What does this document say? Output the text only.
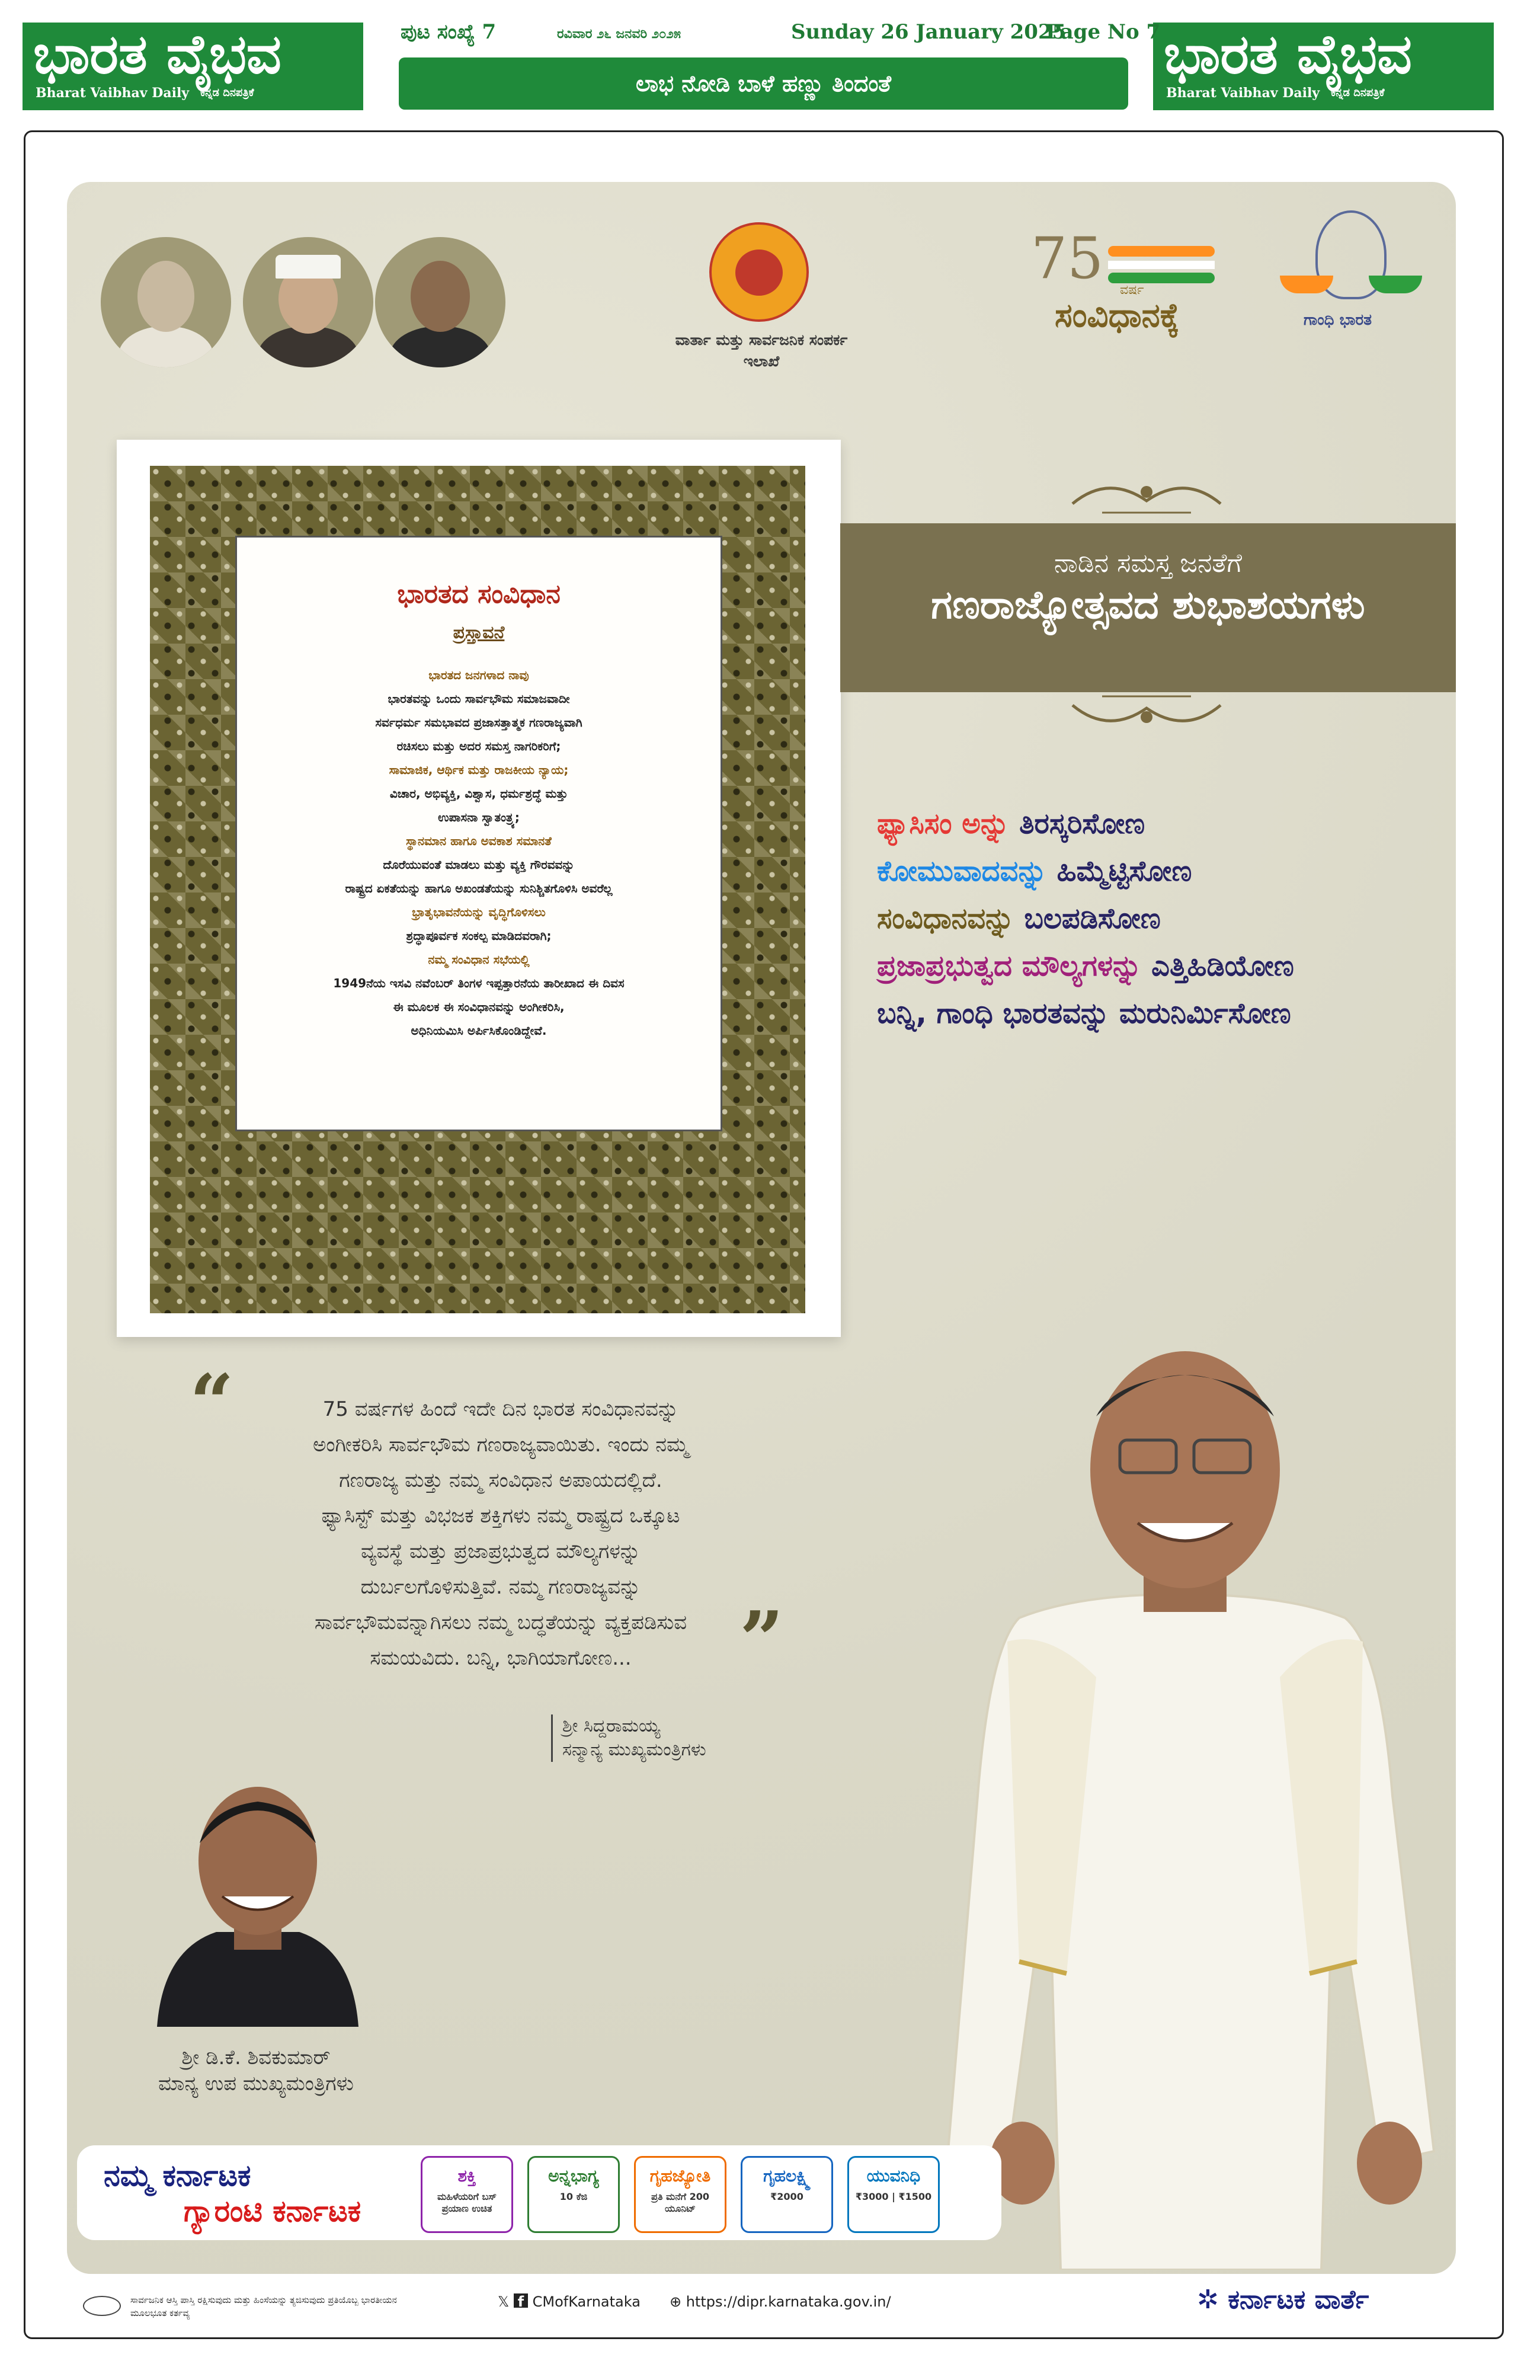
ಭಾರತ ವೈಭವ
Bharat Vaibhav Daily ಕನ್ನಡ ದಿನಪತ್ರಿಕೆ
ಭಾರತ ವೈಭವ
Bharat Vaibhav Daily ಕನ್ನಡ ದಿನಪತ್ರಿಕೆ
ಪುಟ ಸಂಖ್ಯೆ 7	ರವಿವಾರ ೨೬ ಜನವರಿ ೨೦೨೫	Sunday 26 January 2025
Page No 7
ಲಾಭ ನೋಡಿ ಬಾಳೆ ಹಣ್ಣು ತಿಂದಂತೆ
ವಾರ್ತಾ ಮತ್ತು ಸಾರ್ವಜನಿಕ ಸಂಪರ್ಕ ಇಲಾಖೆ
75 ವರ್ಷ
ಸಂವಿಧಾನಕ್ಕೆ	ಗಾಂಧಿ ಭಾರತ
ಭಾರತದ ಸಂವಿಧಾನ
ಪ್ರಸ್ತಾವನೆ
ಭಾರತದ ಜನಗಳಾದ ನಾವು
ಭಾರತವನ್ನು ಒಂದು ಸಾರ್ವಭೌಮ ಸಮಾಜವಾದೀ
ಸರ್ವಧರ್ಮ ಸಮಭಾವದ ಪ್ರಜಾಸತ್ತಾತ್ಮಕ ಗಣರಾಜ್ಯವಾಗಿ
ರಚಿಸಲು ಮತ್ತು ಅದರ ಸಮಸ್ತ ನಾಗರಿಕರಿಗೆ;
ಸಾಮಾಜಿಕ, ಆರ್ಥಿಕ ಮತ್ತು ರಾಜಕೀಯ ನ್ಯಾಯ;
ವಿಚಾರ, ಅಭಿವ್ಯಕ್ತಿ, ವಿಶ್ವಾಸ, ಧರ್ಮಶ್ರದ್ಧೆ ಮತ್ತು
ಉಪಾಸನಾ ಸ್ವಾತಂತ್ರ್ಯ;
ಸ್ಥಾನಮಾನ ಹಾಗೂ ಅವಕಾಶ ಸಮಾನತೆ
ದೊರೆಯುವಂತೆ ಮಾಡಲು ಮತ್ತು ವ್ಯಕ್ತಿ ಗೌರವವನ್ನು
ರಾಷ್ಟ್ರದ ಏಕತೆಯನ್ನು ಹಾಗೂ ಅಖಂಡತೆಯನ್ನು ಸುನಿಶ್ಚಿತಗೊಳಿಸಿ ಅವರೆಲ್ಲ
ಭ್ರಾತೃಭಾವನೆಯನ್ನು ವೃದ್ಧಿಗೊಳಿಸಲು
ಶ್ರದ್ಧಾಪೂರ್ವಕ ಸಂಕಲ್ಪ ಮಾಡಿದವರಾಗಿ;
ನಮ್ಮ ಸಂವಿಧಾನ ಸಭೆಯಲ್ಲಿ
1949ನೆಯ ಇಸವಿ ನವೆಂಬರ್ ತಿಂಗಳ ಇಪ್ಪತ್ತಾರನೆಯ ತಾರೀಖಾದ ಈ ದಿವಸ
ಈ ಮೂಲಕ ಈ ಸಂವಿಧಾನವನ್ನು ಅಂಗೀಕರಿಸಿ,
ಅಧಿನಿಯಮಿಸಿ ಅರ್ಪಿಸಿಕೊಂಡಿದ್ದೇವೆ.
ನಾಡಿನ ಸಮಸ್ತ ಜನತೆಗೆ
ಗಣರಾಜ್ಯೋತ್ಸವದ ಶುಭಾಶಯಗಳು
ಫ್ಯಾಸಿಸಂ ಅನ್ನು ತಿರಸ್ಕರಿಸೋಣ
ಕೋಮುವಾದವನ್ನು ಹಿಮ್ಮೆಟ್ಟಿಸೋಣ
ಸಂವಿಧಾನವನ್ನು ಬಲಪಡಿಸೋಣ
ಪ್ರಜಾಪ್ರಭುತ್ವದ ಮೌಲ್ಯಗಳನ್ನು ಎತ್ತಿಹಿಡಿಯೋಣ
ಬನ್ನಿ, ಗಾಂಧಿ ಭಾರತವನ್ನು ಮರುನಿರ್ಮಿಸೋಣ
“	75 ವರ್ಷಗಳ ಹಿಂದೆ ಇದೇ ದಿನ ಭಾರತ ಸಂವಿಧಾನವನ್ನು
ಅಂಗೀಕರಿಸಿ ಸಾರ್ವಭೌಮ ಗಣರಾಜ್ಯವಾಯಿತು. ಇಂದು ನಮ್ಮ
ಗಣರಾಜ್ಯ ಮತ್ತು ನಮ್ಮ ಸಂವಿಧಾನ ಅಪಾಯದಲ್ಲಿದೆ.
ಫ್ಯಾಸಿಸ್ಟ್ ಮತ್ತು ವಿಭಜಕ ಶಕ್ತಿಗಳು ನಮ್ಮ ರಾಷ್ಟ್ರದ ಒಕ್ಕೂಟ
ವ್ಯವಸ್ಥೆ ಮತ್ತು ಪ್ರಜಾಪ್ರಭುತ್ವದ ಮೌಲ್ಯಗಳನ್ನು
ದುರ್ಬಲಗೊಳಿಸುತ್ತಿವೆ. ನಮ್ಮ ಗಣರಾಜ್ಯವನ್ನು
ಸಾರ್ವಭೌಮವನ್ನಾಗಿಸಲು ನಮ್ಮ ಬದ್ಧತೆಯನ್ನು ವ್ಯಕ್ತಪಡಿಸುವ
ಸಮಯವಿದು. ಬನ್ನಿ, ಭಾಗಿಯಾಗೋಣ...	”
ಶ್ರೀ ಸಿದ್ದರಾಮಯ್ಯ
ಸನ್ಮಾನ್ಯ ಮುಖ್ಯಮಂತ್ರಿಗಳು
ಶ್ರೀ ಡಿ.ಕೆ. ಶಿವಕುಮಾರ್
ಮಾನ್ಯ ಉಪ ಮುಖ್ಯಮಂತ್ರಿಗಳು
ನಮ್ಮ ಕರ್ನಾಟಕ
ಗ್ಯಾರಂಟಿ ಕರ್ನಾಟಕ
ಶಕ್ತಿ
ಮಹಿಳೆಯರಿಗೆ ಬಸ್ ಪ್ರಯಾಣ ಉಚಿತ
ಅನ್ನಭಾಗ್ಯ
10 ಕೆಜಿ
ಗೃಹಜ್ಯೋತಿ
ಪ್ರತಿ ಮನೆಗೆ 200 ಯೂನಿಟ್
ಗೃಹಲಕ್ಷ್ಮಿ
₹2000
ಯುವನಿಧಿ
₹3000 | ₹1500
ಸಾರ್ವಜನಿಕ ಆಸ್ತಿ ಪಾಸ್ತಿ ರಕ್ಷಿಸುವುದು ಮತ್ತು ಹಿಂಸೆಯನ್ನು ತ್ಯಜಿಸುವುದು ಪ್ರತಿಯೊಬ್ಬ ಭಾರತೀಯನ ಮೂಲಭೂತ ಕರ್ತವ್ಯ
𝕏 f CMofKarnataka ⊕ https://dipr.karnataka.gov.in/	✲ ಕರ್ನಾಟಕ ವಾರ್ತೆ
